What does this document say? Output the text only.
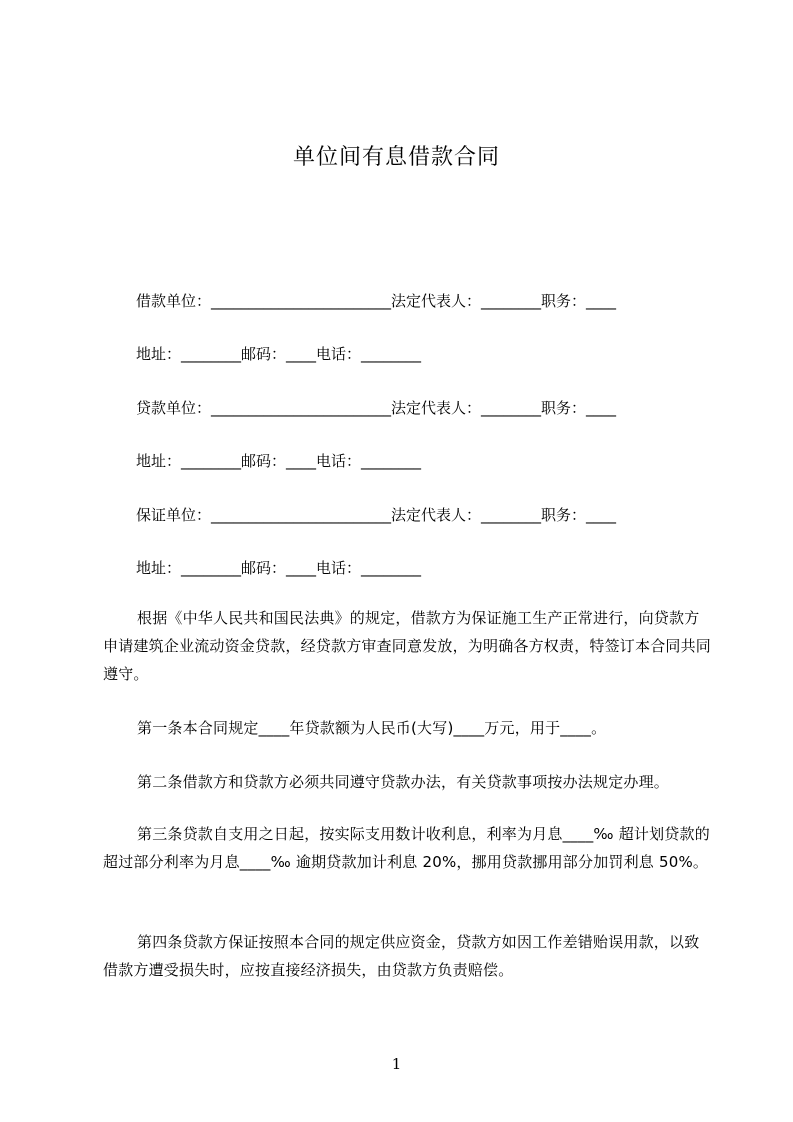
单位间有息借款合同
借款单位：________________________法定代表人：________职务：____
地址：________邮码：____电话：________
贷款单位：________________________法定代表人：________职务：____
地址：________邮码：____电话：________
保证单位：________________________法定代表人：________职务：____
地址：________邮码：____电话：________
根据《中华人民共和国民法典》的规定，借款方为保证施工生产正常进行，向贷款方申请建筑企业流动资金贷款，经贷款方审查同意发放，为明确各方权责，特签订本合同共同遵守。
第一条本合同规定____年贷款额为人民币(大写)____万元，用于____。
第二条借款方和贷款方必须共同遵守贷款办法，有关贷款事项按办法规定办理。
第三条贷款自支用之日起，按实际支用数计收利息，利率为月息____‰ 超计划贷款的超过部分利率为月息____‰ 逾期贷款加计利息 20%，挪用贷款挪用部分加罚利息 50%。
第四条贷款方保证按照本合同的规定供应资金，贷款方如因工作差错贻误用款，以致借款方遭受损失时，应按直接经济损失，由贷款方负责赔偿。
1
